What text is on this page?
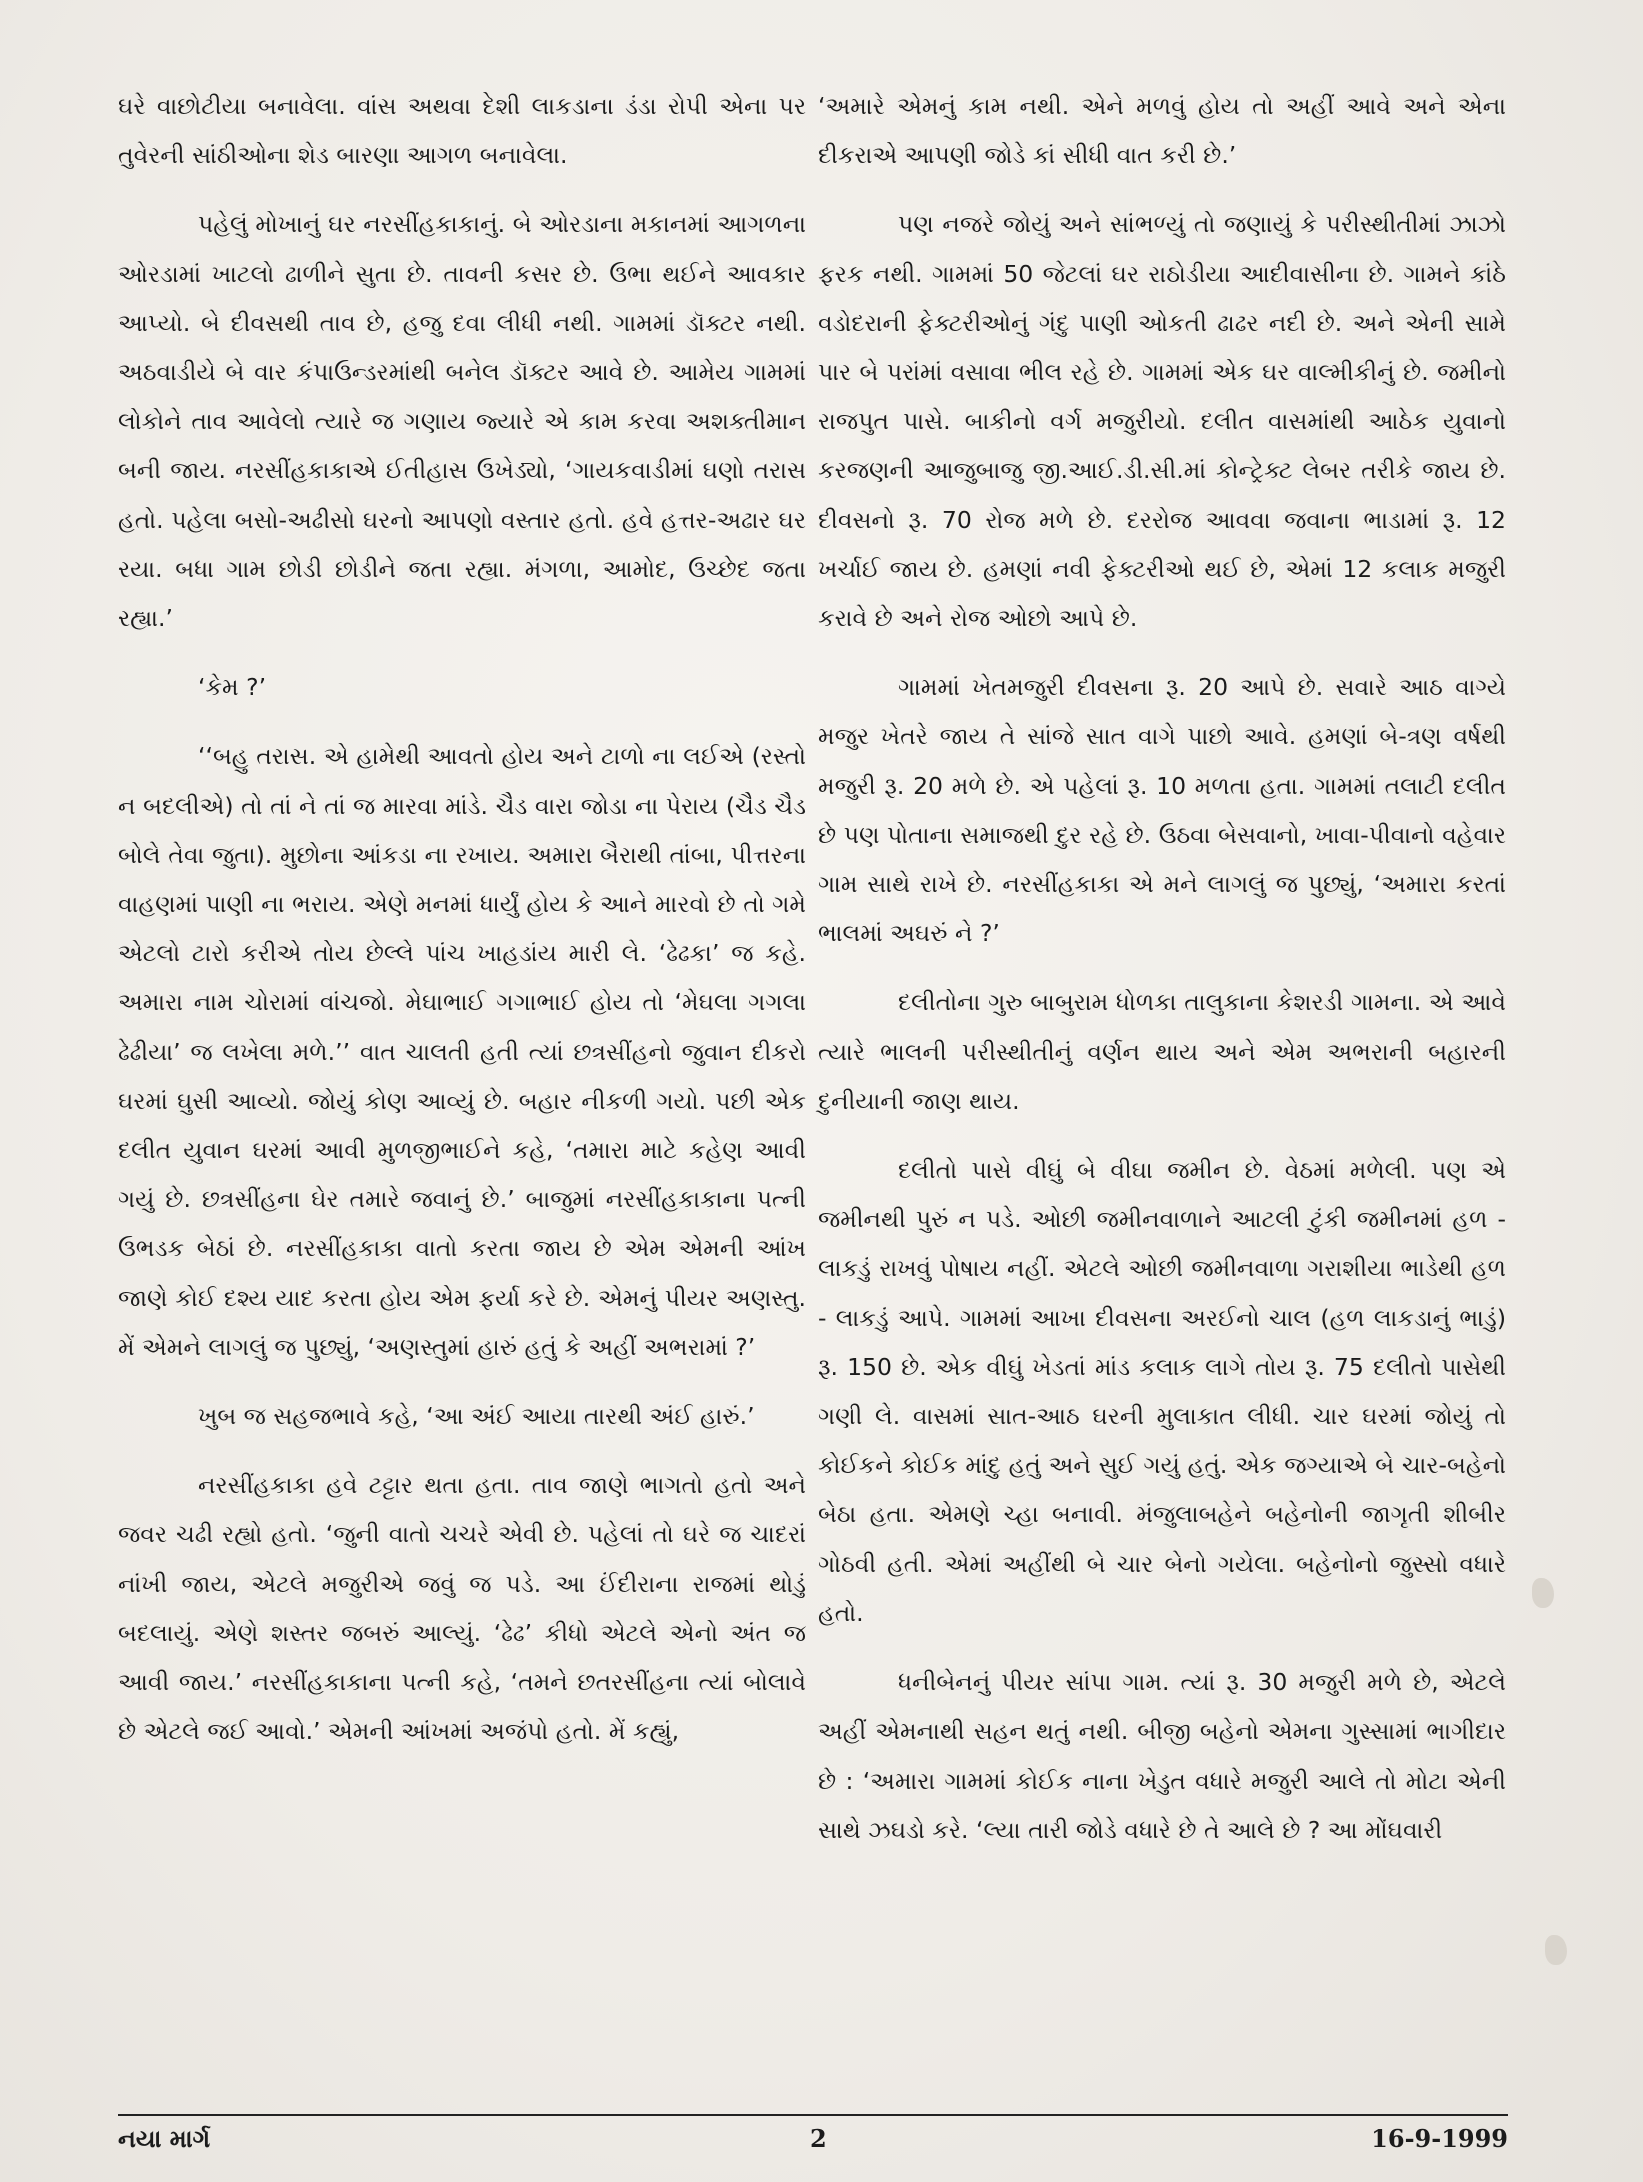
ઘરે વાછોટીયા બનાવેલા. વાંસ અથવા દેશી લાકડાના ડંડા રોપી એના પર તુવેરની સાંઠીઓના શેડ બારણા આગળ બનાવેલા.

પહેલું મોખાનું ઘર નરસીંહકાકાનું. બે ઓરડાના મકાનમાં આગળના ઓરડામાં ખાટલો ઢાળીને સુતા છે. તાવની કસર છે. ઉભા થઈને આવકાર આપ્યો. બે દીવસથી તાવ છે, હજુ દવા લીધી નથી. ગામમાં ડૉક્ટર નથી. અઠવાડીયે બે વાર કંપાઉન્ડરમાંથી બનેલ ડૉક્ટર આવે છે. આમેય ગામમાં લોકોને તાવ આવેલો ત્યારે જ ગણાય જ્યારે એ કામ કરવા અશક્તીમાન બની જાય. નરસીંહકાકાએ ઈતીહાસ ઉખેડ્યો, ‘ગાયકવાડીમાં ઘણો તરાસ હતો. પહેલા બસો-અઢીસો ઘરનો આપણો વસ્તાર હતો. હવે હત્તર-અઢાર ઘર રયા. બધા ગામ છોડી છોડીને જતા રહ્યા. મંગળા, આમોદ, ઉચ્છેદ જતા રહ્યા.’

‘કેમ ?’

‘‘બહુ તરાસ. એ હામેથી આવતો હોય અને ટાળો ના લઈએ (રસ્તો ન બદલીએ) તો તાં ને તાં જ મારવા માંડે. ચૈડ વારા જોડા ના પેરાય (ચૈડ ચૈડ બોલે તેવા જુતા). મુછોના આંકડા ના રખાય. અમારા બૈરાથી તાંબા, પીત્તરના વાહણમાં પાણી ના ભરાય. એણે મનમાં ધાર્યું હોય કે આને મારવો છે તો ગમે એટલો ટારો કરીએ તોય છેલ્લે પાંચ ખાહડાંય મારી લે. ‘ઢેઢકા’ જ કહે. અમારા નામ ચોરામાં વાંચજો. મેઘાભાઈ ગગાભાઈ હોય તો ‘મેઘલા ગગલા ઢેઢીયા’ જ લખેલા મળે.’’ વાત ચાલતી હતી ત્યાં છત્રસીંહનો જુવાન દીકરો ઘરમાં ઘુસી આવ્યો. જોયું કોણ આવ્યું છે. બહાર નીકળી ગયો. પછી એક દલીત યુવાન ઘરમાં આવી મુળજીભાઈને કહે, ‘તમારા માટે કહેણ આવી ગયું છે. છત્રસીંહના ઘેર તમારે જવાનું છે.’ બાજુમાં નરસીંહકાકાના પત્ની ઉભડક બેઠાં છે. નરસીંહકાકા વાતો કરતા જાય છે એમ એમની આંખ જાણે કોઈ દશ્ય યાદ કરતા હોય એમ ફર્યા કરે છે. એમનું પીયર અણસ્તુ. મેં એમને લાગલું જ પુછ્યું, ‘અણસ્તુમાં હારું હતું કે અહીં અભરામાં ?’

ખુબ જ સહજભાવે કહે, ‘આ અંઈ આયા તારથી અંઈ હારું.’

નરસીંહકાકા હવે ટટ્ટાર થતા હતા. તાવ જાણે ભાગતો હતો અને જવર ચઢી રહ્યો હતો. ‘જુની વાતો ચચરે એવી છે. પહેલાં તો ઘરે જ ચાદરાં નાંખી જાય, એટલે મજુરીએ જવું જ પડે. આ ઈંદીરાના રાજમાં થોડું બદલાયું. એણે શસ્તર જબરું આલ્યું. ‘ઢેઢ’ કીધો એટલે એનો અંત જ આવી જાય.’ નરસીંહકાકાના પત્ની કહે, ‘તમને છતરસીંહના ત્યાં બોલાવે છે એટલે જઈ આવો.’ એમની આંખમાં અજંપો હતો. મેં કહ્યું,

‘અમારે એમનું કામ નથી. એને મળવું હોય તો અહીં આવે અને એના દીકરાએ આપણી જોડે કાં સીધી વાત કરી છે.’

પણ નજરે જોયું અને સાંભળ્યું તો જણાયું કે પરીસ્થીતીમાં ઝાઝો ફરક નથી. ગામમાં 50 જેટલાં ઘર રાઠોડીયા આદીવાસીના છે. ગામને કાંઠે વડોદરાની ફેક્ટરીઓનું ગંદુ પાણી ઓકતી ઢાઢર નદી છે. અને એની સામે પાર બે પરાંમાં વસાવા ભીલ રહે છે. ગામમાં એક ઘર વાલ્મીકીનું છે. જમીનો રાજપુત પાસે. બાકીનો વર્ગ મજુરીયો. દલીત વાસમાંથી આઠેક યુવાનો કરજણની આજુબાજુ જી.આઈ.ડી.સી.માં કોન્ટ્રેક્ટ લેબર તરીકે જાય છે. દીવસનો રૂ. 70 રોજ મળે છે. દરરોજ આવવા જવાના ભાડામાં રૂ. 12 ખર્ચાઈ જાય છે. હમણાં નવી ફેક્ટરીઓ થઈ છે, એમાં 12 કલાક મજુરી કરાવે છે અને રોજ ઓછો આપે છે.

ગામમાં ખેતમજુરી દીવસના રૂ. 20 આપે છે. સવારે આઠ વાગ્યે મજુર ખેતરે જાય તે સાંજે સાત વાગે પાછો આવે. હમણાં બે-ત્રણ વર્ષથી મજુરી રૂ. 20 મળે છે. એ પહેલાં રૂ. 10 મળતા હતા. ગામમાં તલાટી દલીત છે પણ પોતાના સમાજથી દુર રહે છે. ઉઠવા બેસવાનો, ખાવા-પીવાનો વહેવાર ગામ સાથે રાખે છે. નરસીંહકાકા એ મને લાગલું જ પુછ્યું, ‘અમારા કરતાં ભાલમાં અઘરું ને ?’

દલીતોના ગુરુ બાબુરામ ધોળકા તાલુકાના કેશરડી ગામના. એ આવે ત્યારે ભાલની પરીસ્થીતીનું વર્ણન થાય અને એમ અભરાની બહારની દુનીયાની જાણ થાય.

દલીતો પાસે વીઘું બે વીઘા જમીન છે. વેઠમાં મળેલી. પણ એ જમીનથી પુરું ન પડે. ઓછી જમીનવાળાને આટલી ટુંકી જમીનમાં હળ - લાકડું રાખવું પોષાય નહીં. એટલે ઓછી જમીનવાળા ગરાશીયા ભાડેથી હળ - લાકડું આપે. ગામમાં આખા દીવસના અરઈનો ચાલ (હળ લાકડાનું ભાડું) રૂ. 150 છે. એક વીઘું ખેડતાં માંડ કલાક લાગે તોય રૂ. 75 દલીતો પાસેથી ગણી લે. વાસમાં સાત-આઠ ઘરની મુલાકાત લીધી. ચાર ઘરમાં જોયું તો કોઈકને કોઈક માંદુ હતું અને સુઈ ગયું હતું. એક જગ્યાએ બે ચાર-બહેનો બેઠા હતા. એમણે ચ્હા બનાવી. મંજુલાબહેને બહેનોની જાગૃતી શીબીર ગોઠવી હતી. એમાં અહીંથી બે ચાર બેનો ગયેલા. બહેનોનો જુસ્સો વધારે હતો.

ધનીબેનનું પીયર સાંપા ગામ. ત્યાં રૂ. 30 મજુરી મળે છે, એટલે અહીં એમનાથી સહન થતું નથી. બીજી બહેનો એમના ગુસ્સામાં ભાગીદાર છે : ‘અમારા ગામમાં કોઈક નાના ખેડુત વધારે મજુરી આલે તો મોટા એની સાથે ઝઘડો કરે. ‘લ્યા તારી જોડે વધારે છે તે આલે છે ? આ મોંઘવારી

નયા માર્ગ	2	16-9-1999
